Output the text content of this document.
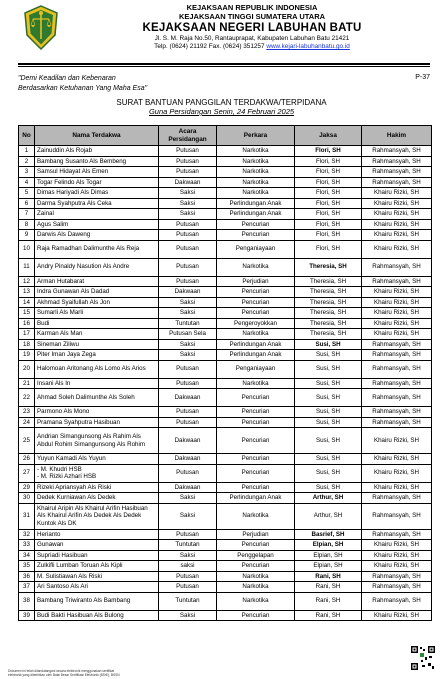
KEJAKSAAN REPUBLIK INDONESIA
KEJAKSAAN TINGGI SUMATERA UTARA
KEJAKSAAN NEGERI LABUHAN BATU
Jl. S. M. Raja No.50, Rantauprapat, Kabupaten Labuhan Batu 21421
Telp. (0624) 21192 Fax. (0624) 351257 www.kejari-labuhanbatu.go.id
"Demi Keadilan dan Kebenaran
Berdasarkan Ketuhanan Yang Maha Esa"
P-37
SURAT BANTUAN PANGGILAN TERDAKWA/TERPIDANA
Guna Persidangan Senin, 24 Februari 2025
No	Nama Terdakwa	Acara Persidangan	Perkara	Jaksa	Hakim
1	Zainuddin Als Rojab	Putusan	Narkotika	Flori, SH	Rahmansyah, SH
2	Bambang Susanto Als Bembeng	Putusan	Narkotika	Flori, SH	Rahmansyah, SH
3	Samsul Hidayat Als Emen	Putusan	Narkotika	Flori, SH	Rahmansyah, SH
4	Togar Felindo Als Togar	Dakwaan	Narkotika	Flori, SH	Rahmansyah, SH
5	Dimas Hariyadi Als Dimas	Saksi	Narkotika	Flori, SH	Khairu Rizki, SH
6	Darma Syahputra Als Ceka	Saksi	Perlindungan Anak	Flori, SH	Khairu Rizki, SH
7	Zainal	Saksi	Perlindungan Anak	Flori, SH	Khairu Rizki, SH
8	Agus Salim	Putusan	Pencurian	Flori, SH	Khairu Rizki, SH
9	Darwis Als Daweng	Putusan	Pencurian	Flori, SH	Khairu Rizki, SH
10	Raja Ramadhan Dalimunthe Als Reja	Putusan	Penganiayaan	Flori, SH	Khairu Rizki, SH
11	Andry Pinaldy Nasution Als Andre	Putusan	Narkotika	Theresia, SH	Rahmansyah, SH
12	Arman Hutabarat	Putusan	Perjudian	Theresia, SH	Rahmansyah, SH
13	Indra Gunawan Als Dadad	Dakwaan	Pencurian	Theresia, SH	Khairu Rizki, SH
14	Akhmad Syaifullah Als Jon	Saksi	Pencurian	Theresia, SH	Khairu Rizki, SH
15	Sumarli Als Marli	Saksi	Pencurian	Theresia, SH	Khairu Rizki, SH
16	Budi	Tuntutan	Pengeroyokkan	Theresia, SH	Khairu Rizki, SH
17	Karman Als Man	Putusan Sela	Narkotika	Theresia, SH	Khairu Rizki, SH
18	Sineman Ziliwu	Saksi	Perlindungan Anak	Susi, SH	Rahmansyah, SH
19	Piter Iman Jaya Zega	Saksi	Perlindungan Anak	Susi, SH	Rahmansyah, SH
20	Halomoan Aritonang Als Lomo Als Arios	Putusan	Penganiayaan	Susi, SH	Rahmansyah, SH
21	Insani Als In	Putusan	Narkotika	Susi, SH	Rahmansyah, SH
22	Ahmad Soleh Dalimunthe Als Soleh	Dakwaan	Pencurian	Susi, SH	Rahmansyah, SH
23	Parmono Als Mono	Putusan	Pencurian	Susi, SH	Rahmansyah, SH
24	Pramana Syahputra Hasibuan	Putusan	Pencurian	Susi, SH	Rahmansyah, SH
25	Andrian Simangunsong Als Rahim Als Abdul Rohim Simangunsong Als Rohim	Dakwaan	Pencurian	Susi, SH	Khairu Rizki, SH
26	Yuyun Kamadi Als Yuyun	Dakwaan	Pencurian	Susi, SH	Khairu Rizki, SH
27	- M. Khudri HSB
- M. Rizki Azhari HSB	Putusan	Pencurian	Susi, SH	Khairu Rizki, SH
29	Rizeki Apriansyah Als Riski	Dakwaan	Pencurian	Susi, SH	Khairu Rizki, SH
30	Dedek Kurniawan Als Dedek	Saksi	Perlindungan Anak	Arthur, SH	Rahmansyah, SH
31	Khairul Aripin Als Khairul Arifin Hasibuan Als Khairul Arifin Als Dedek Als Dedek Kuntok Als DK	Saksi	Narkotika	Arthur, SH	Rahmansyah, SH
32	Herianto	Putusan	Perjudian	Basrief, SH	Rahmansyah, SH
33	Gunawan	Tuntutan	Pencurian	Elpian, SH	Khairu Rizki, SH
34	Supriadi Hasibuan	Saksi	Penggelapan	Elpian, SH	Khairu Rizki, SH
35	Zulkifli Lumban Toruan Als Kipli	saksi	Pencurian	Elpian, SH	Khairu Rizki, SH
36	M. Sulistiawan Als Riski	Putusan	Narkotika	Rani, SH	Rahmansyah, SH
37	Ari Santoso Als Ari	Putusan	Narkotika	Rani, SH	Rahmansyah, SH
38	Bambang Triwiranto Als Bambang	Tuntutan	Narkotika	Rani, SH	Rahmansyah, SH
39	Budi Bakti Hasibuan Als Bulong	Saksi	Pencurian	Rani, SH	Khairu Rizki, SH
Dokumen ini telah ditandatangani secara elektronik menggunakan sertifikat elektronik yang diterbitkan oleh Balai Besar Sertifikasi Elektronik (BSrE), BSSN
